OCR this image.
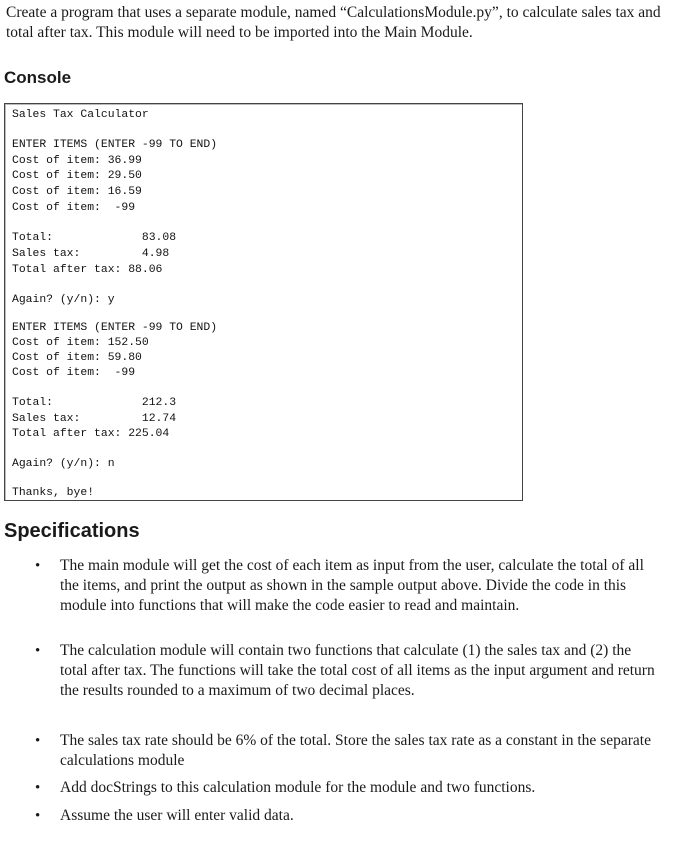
Create a program that uses a separate module, named “CalculationsModule.py”, to calculate sales tax and total after tax. This module will need to be imported into the Main Module.

Console
Sales Tax Calculator
ENTER ITEMS (ENTER -99 TO END)
Cost of item: 36.99
Cost of item: 29.50
Cost of item: 16.59
Cost of item:  -99
Total:             83.08
Sales tax:         4.98
Total after tax: 88.06
Again? (y/n): y
ENTER ITEMS (ENTER -99 TO END)
Cost of item: 152.50
Cost of item: 59.80
Cost of item:  -99
Total:             212.3
Sales tax:         12.74
Total after tax: 225.04
Again? (y/n): n
Thanks, bye!
Specifications
• The main module will get the cost of each item as input from the user, calculate the total of all the items, and print the output as shown in the sample output above. Divide the code in this module into functions that will make the code easier to read and maintain.
• The calculation module will contain two functions that calculate (1) the sales tax and (2) the total after tax. The functions will take the total cost of all items as the input argument and return the results rounded to a maximum of two decimal places.
• The sales tax rate should be 6% of the total. Store the sales tax rate as a constant in the separate calculations module
• Add docStrings to this calculation module for the module and two functions.
• Assume the user will enter valid data.
